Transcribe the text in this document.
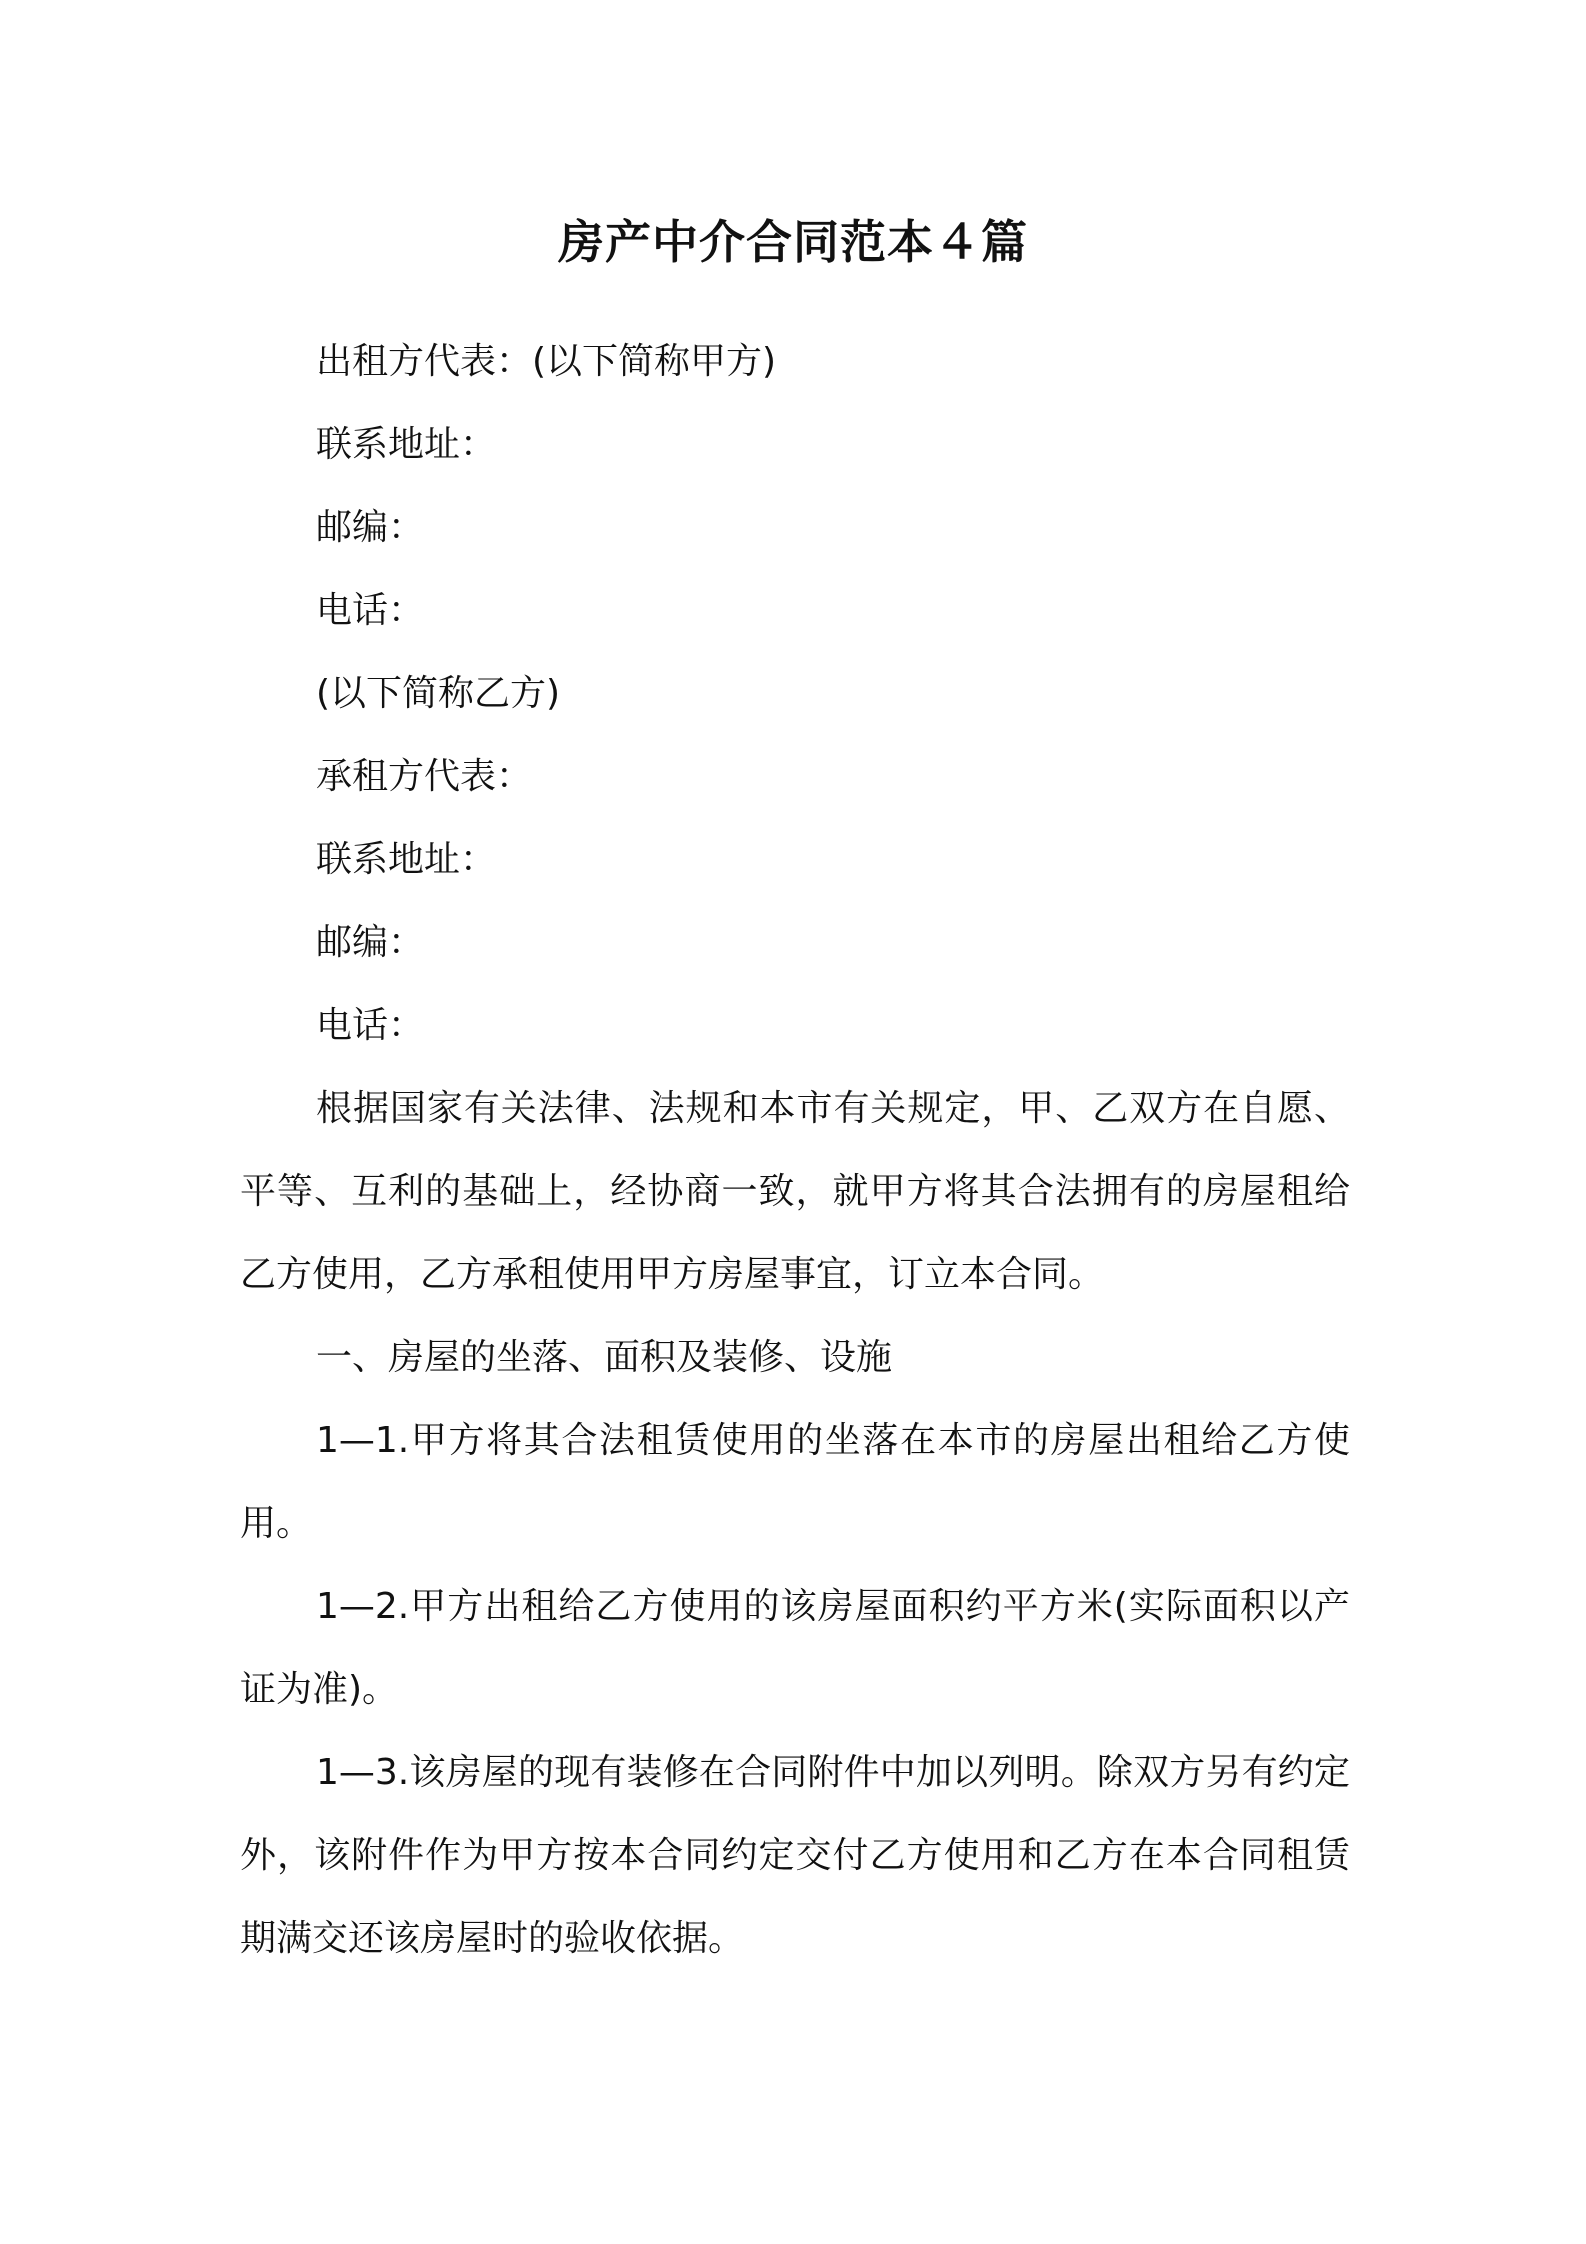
房产中介合同范本４篇

出租方代表：(以下简称甲方)

联系地址：

邮编：

电话：

(以下简称乙方)

承租方代表：

联系地址：

邮编：

电话：

根据国家有关法律、法规和本市有关规定，甲、乙双方在自愿、平等、互利的基础上，经协商一致，就甲方将其合法拥有的房屋租给乙方使用，乙方承租使用甲方房屋事宜，订立本合同。

一、房屋的坐落、面积及装修、设施

1—1.甲方将其合法租赁使用的坐落在本市的房屋出租给乙方使用。

1—2.甲方出租给乙方使用的该房屋面积约平方米(实际面积以产证为准)。

1—3.该房屋的现有装修在合同附件中加以列明。除双方另有约定外，该附件作为甲方按本合同约定交付乙方使用和乙方在本合同租赁期满交还该房屋时的验收依据。
